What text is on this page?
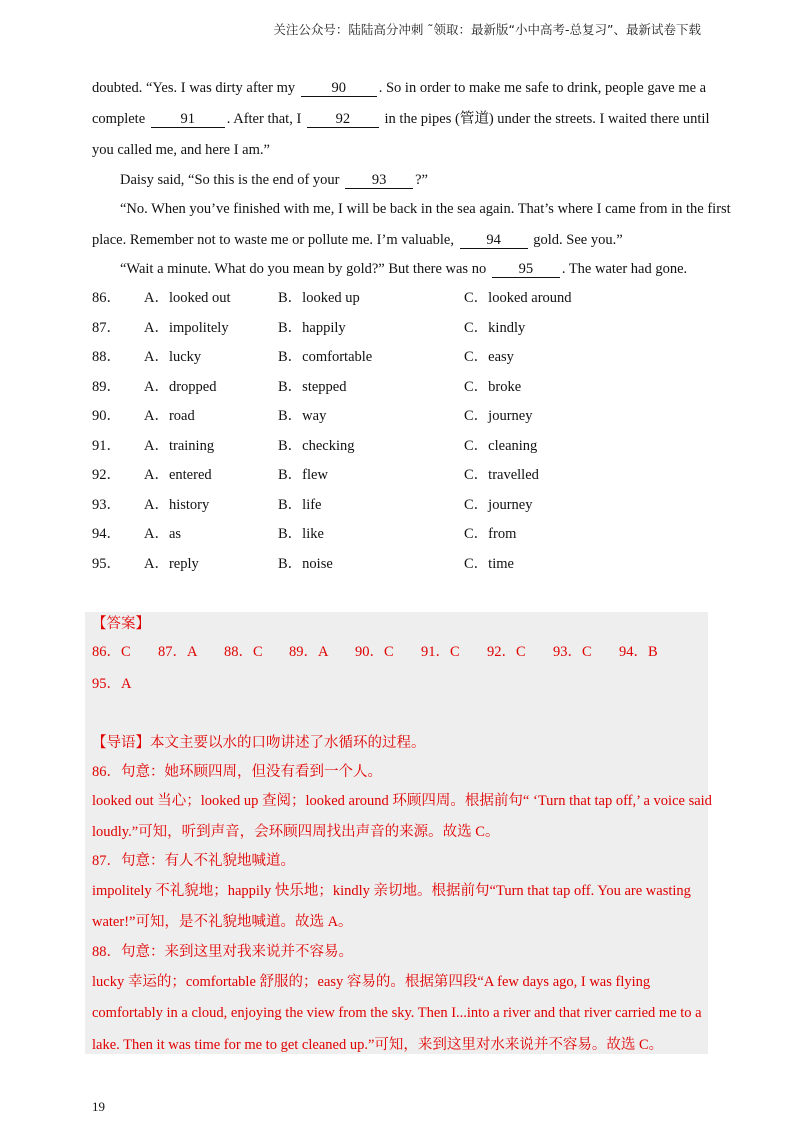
关注公众号：陆陆高分冲刺 ˜领取：最新版“小中高考-总复习”、最新试卷下载
doubted. “Yes. I was dirty after my	90 . So in order to make me safe to drink, people gave me a
complete 91 . After that, I 92 in the pipes (管道) under the streets. I waited there until
you called me, and here I am.”
Daisy said, “So this is the end of your 93 ?”
“No. When you’ve finished with me, I will be back in the sea again. That’s where I came from in the first
place. Remember not to waste me or pollute me. I’m valuable, 94 gold. See you.”
“Wait a minute. What do you mean by gold?” But there was no 95 . The water had gone.
86． A．looked out	B．looked up	C．looked around
87． A．impolitely	B．happily	C．kindly
88． A．lucky	B．comfortable	C．easy
89． A．dropped	B．stepped	C．broke
90． A．road	B．way	C．journey
91． A．training	B．checking	C．cleaning
92． A．entered	B．flew	C．travelled
93． A．history	B．life	C．journey
94． A．as	B．like	C．from
95． A．reply	B．noise	C．time
【答案】
86．C 87．A 88．C 89．A 90．C 91．C 92．C 93．C 94．B
95．A
【导语】本文主要以水的口吻讲述了水循环的过程。
86．句意：她环顾四周，但没有看到一个人。
looked out 当心；looked up 查阅；looked around 环顾四周。根据前句“ ‘Turn that tap off,’ a voice said
loudly.”可知，听到声音，会环顾四周找出声音的来源。故选 C。
87．句意：有人不礼貌地喊道。
impolitely 不礼貌地；happily 快乐地；kindly 亲切地。根据前句“Turn that tap off. You are wasting
water!”可知，是不礼貌地喊道。故选 A。
88．句意：来到这里对我来说并不容易。
lucky 幸运的；comfortable 舒服的；easy 容易的。根据第四段“A few days ago, I was flying
comfortably in a cloud, enjoying the view from the sky. Then I...into a river and that river carried me to a
lake. Then it was time for me to get cleaned up.”可知，来到这里对水来说并不容易。故选 C。
19
